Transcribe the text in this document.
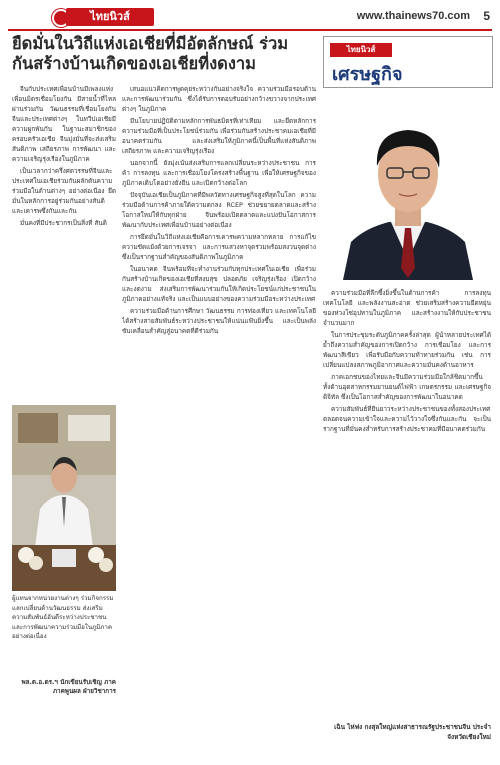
ไทยนิวส์	www.thainews70.com 5
ยืดมั่นในวิถีแห่งเอเชียที่มีอัตลักษณ์ ร่วมกันสร้างบ้านเกิดของเอเชียที่งดงาม
ไทยนิวส์
เศรษฐกิจ

จีนกับประเทศเพื่อนบ้านมีเพลงแห่งเพื่อนมิตรเชื่อมโยงกัน มีสายน้ำที่ไหลผ่านร่วมกัน วัฒนธรรมที่เชื่อมโยงกัน จีนและประเทศต่างๆ ในทวีปเอเชียมีความผูกพันกัน ในฐานะสมาชิกของครอบครัวเอเชีย จีนมุ่งมั่นที่จะส่งเสริมสันติภาพ เสถียรภาพ การพัฒนา และความเจริญรุ่งเรืองในภูมิภาค

เป็นเวลากว่าครึ่งศตวรรษที่จีนและประเทศในเอเชียร่วมกันผลักดันความร่วมมือในด้านต่างๆ อย่างต่อเนื่อง ยึดมั่นในหลักการอยู่ร่วมกันอย่างสันติ และเคารพซึ่งกันและกัน

มั่นคงที่มีประชากรเป็นสิ่งที่ สันติ

เสนอแนวคิดการพูดคุยระหว่างกันอย่างจริงใจ ความร่วมมือรอบด้าน และการพัฒนาร่วมกัน ซึ่งได้รับการตอบรับอย่างกว้างขวางจากประเทศต่างๆ ในภูมิภาค

มีนโยบายปฏิบัติตามหลักการพันธมิตรที่เท่าเทียม และยึดหลักการความร่วมมือที่เป็นประโยชน์ร่วมกัน เพื่อร่วมกันสร้างประชาคมเอเชียที่มีอนาคตร่วมกัน และส่งเสริมให้ภูมิภาคนี้เป็นพื้นที่แห่งสันติภาพ เสถียรภาพ และความเจริญรุ่งเรือง

นอกจากนี้ ยังมุ่งเน้นส่งเสริมการแลกเปลี่ยนระหว่างประชาชน การค้า การลงทุน และการเชื่อมโยงโครงสร้างพื้นฐาน เพื่อให้เศรษฐกิจของภูมิภาคเติบโตอย่างยั่งยืน และเปิดกว้างต่อโลก

ปัจจุบันเอเชียเป็นภูมิภาคที่มีพลวัตทางเศรษฐกิจสูงที่สุดในโลก ความร่วมมือด้านการค้าภายใต้ความตกลง RCEP ช่วยขยายตลาดและสร้างโอกาสใหม่ให้กับทุกฝ่าย จีนพร้อมเปิดตลาดและแบ่งปันโอกาสการพัฒนากับประเทศเพื่อนบ้านอย่างต่อเนื่อง

การยึดมั่นในวิถีแห่งเอเชียคือการเคารพความหลากหลาย การแก้ไขความขัดแย้งด้วยการเจรจา และการแสวงหาจุดร่วมพร้อมสงวนจุดต่าง ซึ่งเป็นรากฐานสำคัญของสันติภาพในภูมิภาค

ในอนาคต จีนพร้อมที่จะทำงานร่วมกับทุกประเทศในเอเชีย เพื่อร่วมกันสร้างบ้านเกิดของเอเชียที่สงบสุข ปลอดภัย เจริญรุ่งเรือง เปิดกว้าง และงดงาม ส่งเสริมการพัฒนาร่วมกันให้เกิดประโยชน์แก่ประชาชนในภูมิภาคอย่างแท้จริง และเป็นแบบอย่างของความร่วมมือระหว่างประเทศ

ความร่วมมือด้านการศึกษา วัฒนธรรม การท่องเที่ยว และเทคโนโลยี ได้สร้างสายสัมพันธ์ระหว่างประชาชนให้แน่นแฟ้นยิ่งขึ้น และเป็นพลังขับเคลื่อนสำคัญสู่อนาคตที่ดีร่วมกัน

ความร่วมมือที่ลึกซึ้งยิ่งขึ้นในด้านการค้า การลงทุน เทคโนโลยี และพลังงานสะอาด ช่วยเสริมสร้างความยืดหยุ่นของห่วงโซ่อุปทานในภูมิภาค และสร้างงานให้กับประชาชนจำนวนมาก

ในการประชุมระดับภูมิภาคครั้งล่าสุด ผู้นำหลายประเทศได้ย้ำถึงความสำคัญของการเปิดกว้าง การเชื่อมโยง และการพัฒนาสีเขียว เพื่อรับมือกับความท้าทายร่วมกัน เช่น การเปลี่ยนแปลงสภาพภูมิอากาศและความมั่นคงด้านอาหาร

ภาคเอกชนของไทยและจีนมีความร่วมมือใกล้ชิดมากขึ้น ทั้งด้านอุตสาหกรรมยานยนต์ไฟฟ้า เกษตรกรรม และเศรษฐกิจดิจิทัล ซึ่งเป็นโอกาสสำคัญของการพัฒนาในอนาคต

ความสัมพันธ์ที่ยืนยาวระหว่างประชาชนของทั้งสองประเทศ ตลอดจนความเข้าใจและความไว้วางใจซึ่งกันและกัน จะเป็นรากฐานที่มั่นคงสำหรับการสร้างประชาคมที่มีอนาคตร่วมกัน

ผู้แทนจากหน่วยงานต่างๆ ร่วมกิจกรรมแลกเปลี่ยนด้านวัฒนธรรม ส่งเสริมความสัมพันธ์อันดีระหว่างประชาชน และการพัฒนาความร่วมมือในภูมิภาคอย่างต่อเนื่อง
พล.ต.อ.ดร.ฯ นักเขียนรับเชิญ ภาค ภาคพูนผล ฝ่ายวิชาการ
เฉิน ไห่ฟง กงสุลใหญ่แห่งสาธารณรัฐประชาชนจีน ประจำจังหวัดเชียงใหม่
